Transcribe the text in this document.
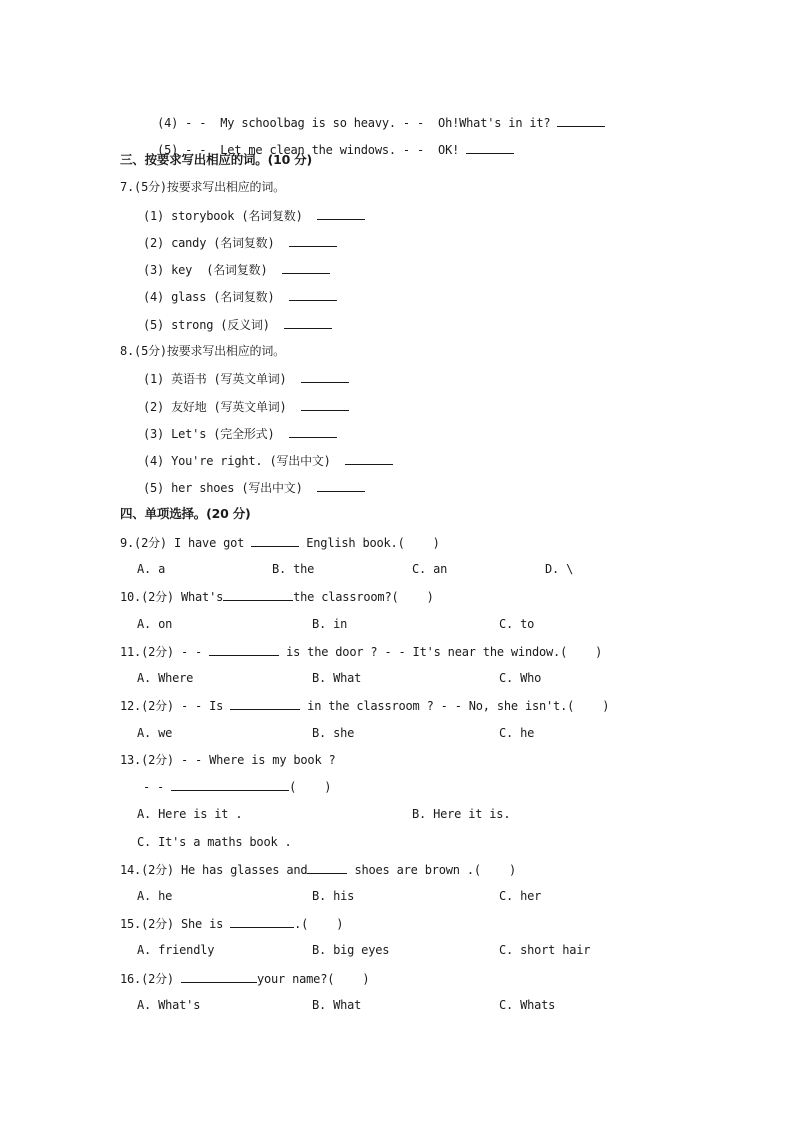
(4) - -  My schoolbag is so heavy. - -  Oh!What's in it?

(5) - -  Let me clean the windows. - -  OK!

三、按要求写出相应的词。(10 分)
7.(5分)按要求写出相应的词。
(1) storybook (名词复数)
(2) candy (名词复数)
(3) key  (名词复数)
(4) glass (名词复数)
(5) strong (反义词)
8.(5分)按要求写出相应的词。
(1) 英语书 (写英文单词)
(2) 友好地 (写英文单词)
(3) Let's (完全形式)
(4) You're right. (写出中文)
(5) her shoes (写出中文)
四、单项选择。(20 分)
9.(2分) I have got	English book.(    )
A. a	B. the	C. an	D. \
10.(2分) What's	the classroom?(    )
A. on	B. in	C. to
11.(2分) - -	is the door ? - - It's near the window.(    )
A. Where	B. What	C. Who
12.(2分) - - Is	in the classroom ? - - No, she isn't.(    )
A. we	B. she	C. he
13.(2分) - - Where is my book ?
- -	(    )
A. Here is it .	B. Here it is.
C. It's a maths book .
14.(2分) He has glasses and	shoes are brown .(    )
A. he	B. his	C. her
15.(2分) She is	.(    )
A. friendly	B. big eyes	C. short hair
16.(2分)	your name?(    )
A. What's	B. What	C. Whats
